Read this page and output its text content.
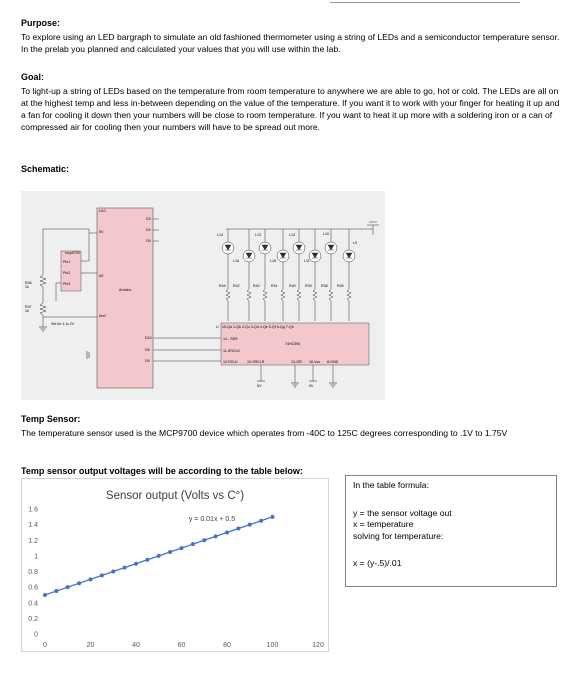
Purpose:
To explore using an LED bargraph to simulate an old fashioned thermometer using a string of LEDs and a semiconductor temperature sensor. In the prelab you planned and calculated your values that you will use within the lab.
Goal:
To light-up a string of LEDs based on the temperature from room temperature to anywhere we are able to go, hot or cold. The LEDs are all on at the highest temp and less in-between depending on the value of the temperature. If you want it to work with your finger for heating it up and a fan for cooling it down then your numbers will be close to room temperature. If you want to heat it up more with a soldering iron or a can of compressed air for cooling then your numbers will have to be spread out more.
Schematic:
U10
5V
Arduino
A0
Aref
D3
D4
D5
D10
D6
D9
mcp9700
Pin1
Pin2
Pin3
R46
1k
R47
1k
Set for 1 to 2V
L14
L16
L13
L15
L12	L10
L11
L9
R44 R42	R42	R41	R40	R39	R38	R45
U 15-Qa 1-Qb 2-Qc 3-Qd 4-Qe 5-Qf 6-Qg 7-Qh
74HC595
14 - SER
11-SRCLK
12-RCLK	10-SRCLR	13-OE\ 16-Vcc 8-GND
5V	5V
Temp Sensor:
The temperature sensor used is the MCP9700 device which operates from -40C to 125C degrees corresponding to .1V to 1.75V
Temp sensor output voltages will be according to the table below:
Sensor output (Volts vs C°)
y = 0.01x + 0.5
0
0.2
0.4
0.6
0.8
1
1.2
1.4
1.6
0	20	40	60	80	100	120
In the table formula:
y = the sensor voltage out
x = temperature
solving for temperature:
x = (y-.5)/.01
